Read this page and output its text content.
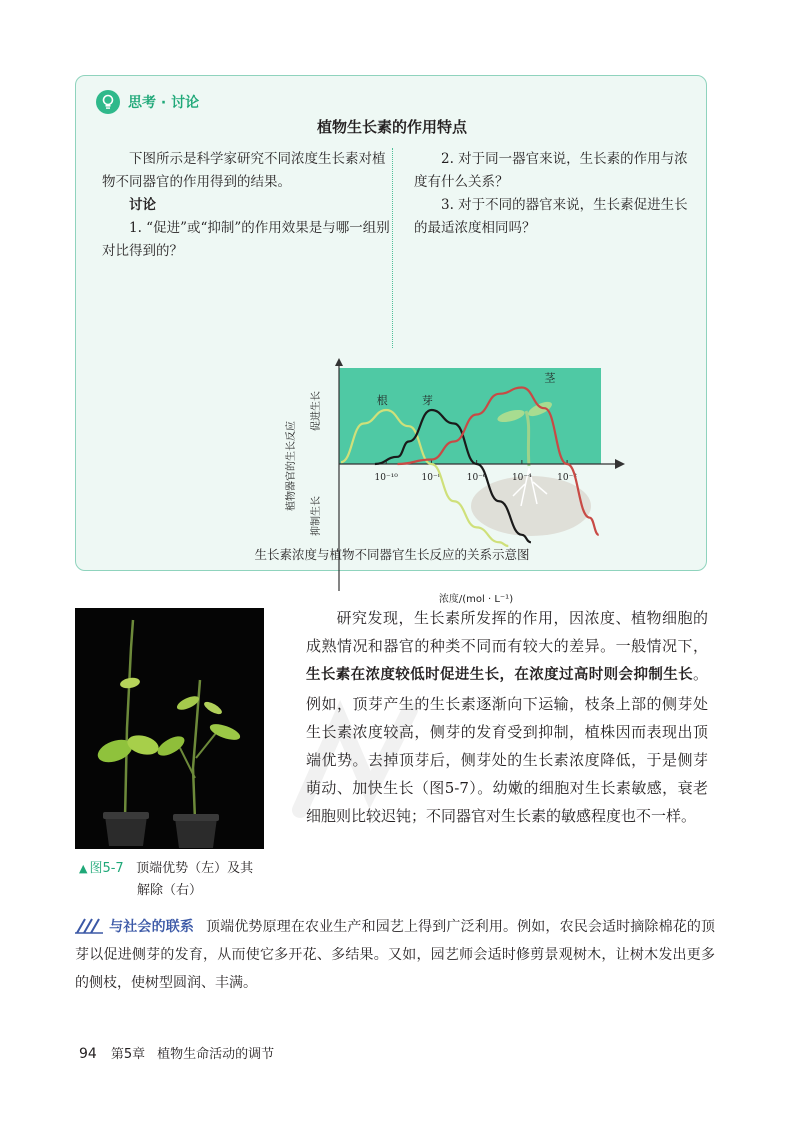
思考 · 讨论
植物生长素的作用特点

下图所示是科学家研究不同浓度生长素对植物不同器官的作用得到的结果。

讨论

1. “促进”或“抑制”的作用效果是与哪一组别对比得到的？

2. 对于同一器官来说，生长素的作用与浓度有什么关系？

3. 对于不同的器官来说，生长素促进生长的最适浓度相同吗？

10⁻¹⁰	10⁻⁸	10⁻⁶	10⁻⁴	10⁻²
根	芽
茎
植物器官的生长反应
促进生长
抑制生长
浓度/(mol · L⁻¹)
生长素浓度与植物不同器官生长反应的关系示意图
▲ 图5-7 顶端优势（左）及其
解除（右）
研究发现，生长素所发挥的作用，因浓度、植物细胞的成熟情况和器官的种类不同而有较大的差异。一般情况下，生长素在浓度较低时促进生长，在浓度过高时则会抑制生长。例如，顶芽产生的生长素逐渐向下运输，枝条上部的侧芽处生长素浓度较高，侧芽的发育受到抑制，植株因而表现出顶端优势。去掉顶芽后，侧芽处的生长素浓度降低，于是侧芽萌动、加快生长（图5-7）。幼嫩的细胞对生长素敏感，衰老细胞则比较迟钝；不同器官对生长素的敏感程度也不一样。
与社会的联系 顶端优势原理在农业生产和园艺上得到广泛利用。例如，农民会适时摘除棉花的顶芽以促进侧芽的发育，从而使它多开花、多结果。又如，园艺师会适时修剪景观树木，让树木发出更多的侧枝，使树型圆润、丰满。
94 第5章 植物生命活动的调节
